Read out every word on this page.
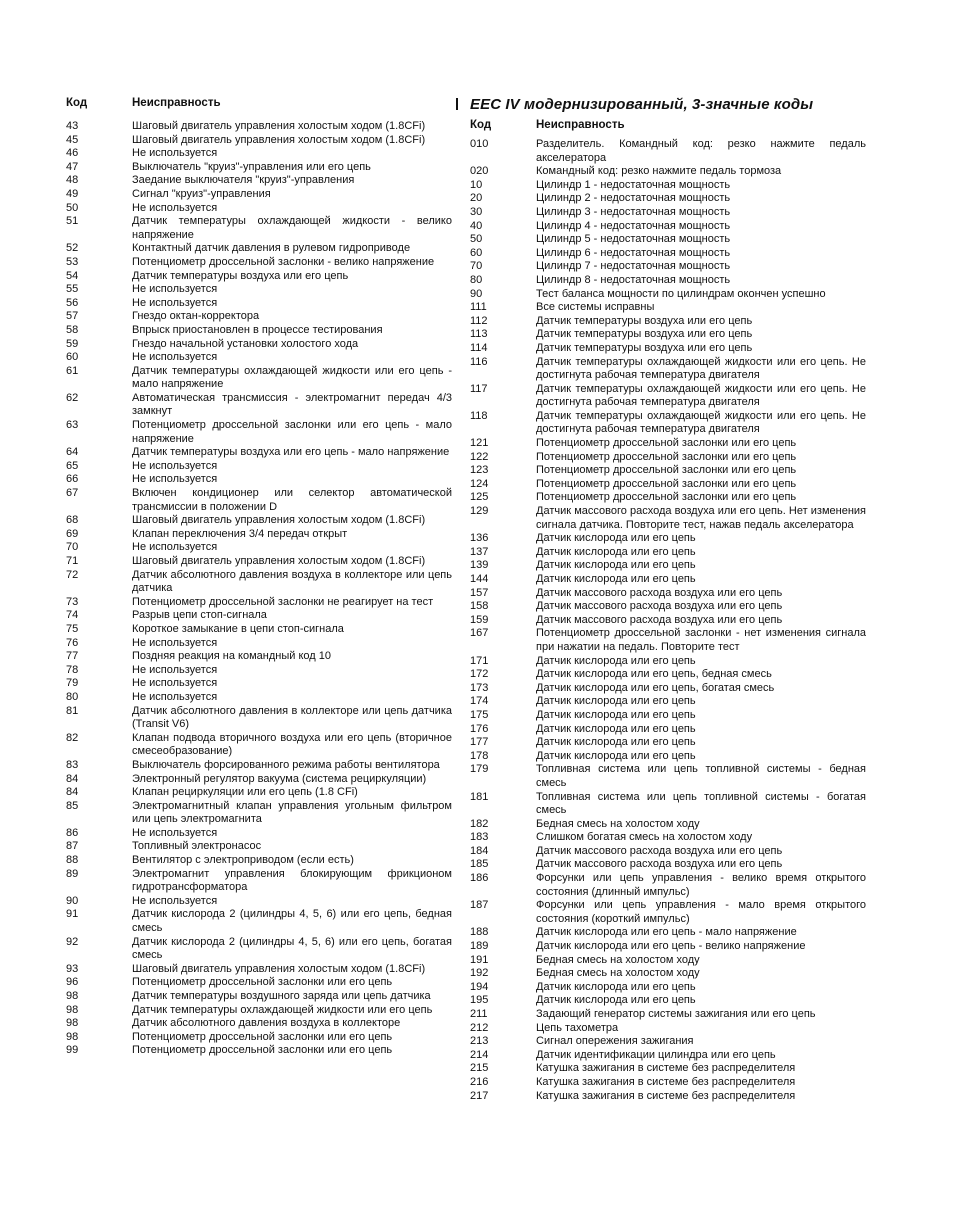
Код	Неисправность
43	Шаговый двигатель управления холостым ходом (1.8CFi)
45	Шаговый двигатель управления холостым ходом (1.8CFi)
46	Не используется
47	Выключатель "круиз"-управления или его цепь
48	Заедание выключателя "круиз"-управления
49	Сигнал "круиз"-управления
50	Не используется
51	Датчик температуры охлаждающей жидкости - велико напряжение
52	Контактный датчик давления в рулевом гидроприводе
53	Потенциометр дроссельной заслонки - велико напряжение
54	Датчик температуры воздуха или его цепь
55	Не используется
56	Не используется
57	Гнездо октан-корректора
58	Впрыск приостановлен в процессе тестирования
59	Гнездо начальной установки холостого хода
60	Не используется
61	Датчик температуры охлаждающей жидкости или его цепь - мало напряжение
62	Автоматическая трансмиссия - электромагнит передач 4/3 замкнут
63	Потенциометр дроссельной заслонки или его цепь - мало напряжение
64	Датчик температуры воздуха или его цепь - мало напряжение
65	Не используется
66	Не используется
67	Включен кондиционер или селектор автоматической трансмиссии в положении D
68	Шаговый двигатель управления холостым ходом (1.8CFi)
69	Клапан переключения 3/4 передач открыт
70	Не используется
71	Шаговый двигатель управления холостым ходом (1.8CFi)
72	Датчик абсолютного давления воздуха в коллекторе или цепь датчика
73	Потенциометр дроссельной заслонки не реагирует на тест
74	Разрыв цепи стоп-сигнала
75	Короткое замыкание в цепи стоп-сигнала
76	Не используется
77	Поздняя реакция на командный код 10
78	Не используется
79	Не используется
80	Не используется
81	Датчик абсолютного давления в коллекторе или цепь датчика (Transit V6)
82	Клапан подвода вторичного воздуха или его цепь (вторичное смесеобразование)
83	Выключатель форсированного режима работы вентилятора
84	Электронный регулятор вакуума (система рециркуляции)
84	Клапан рециркуляции или его цепь (1.8 CFi)
85	Электромагнитный клапан управления угольным фильтром или цепь электромагнита
86	Не используется
87	Топливный электронасос
88	Вентилятор с электроприводом (если есть)
89	Электромагнит управления блокирующим фрикционом гидротрансформатора
90	Не используется
91	Датчик кислорода 2 (цилиндры 4, 5, 6) или его цепь, бедная смесь
92	Датчик кислорода 2 (цилиндры 4, 5, 6) или его цепь, богатая смесь
93	Шаговый двигатель управления холостым ходом (1.8CFi)
96	Потенциометр дроссельной заслонки или его цепь
98	Датчик температуры воздушного заряда или цепь датчика
98	Датчик температуры охлаждающей жидкости или его цепь
98	Датчик абсолютного давления воздуха в коллекторе
98	Потенциометр дроссельной заслонки или его цепь
99	Потенциометр дроссельной заслонки или его цепь
EEC IV модернизированный, 3-значные коды
Код	Неисправность
010	Разделитель. Командный код: резко нажмите педаль акселератора
020	Командный код: резко нажмите педаль тормоза
10	Цилиндр 1 - недостаточная мощность
20	Цилиндр 2 - недостаточная мощность
30	Цилиндр 3 - недостаточная мощность
40	Цилиндр 4 - недостаточная мощность
50	Цилиндр 5 - недостаточная мощность
60	Цилиндр 6 - недостаточная мощность
70	Цилиндр 7 - недостаточная мощность
80	Цилиндр 8 - недостаточная мощность
90	Тест баланса мощности по цилиндрам окончен успешно
111	Все системы исправны
112	Датчик температуры воздуха или его цепь
113	Датчик температуры воздуха или его цепь
114	Датчик температуры воздуха или его цепь
116	Датчик температуры охлаждающей жидкости или его цепь. Не достигнута рабочая температура двигателя
117	Датчик температуры охлаждающей жидкости или его цепь. Не достигнута рабочая температура двигателя
118	Датчик температуры охлаждающей жидкости или его цепь. Не достигнута рабочая температура двигателя
121	Потенциометр дроссельной заслонки или его цепь
122	Потенциометр дроссельной заслонки или его цепь
123	Потенциометр дроссельной заслонки или его цепь
124	Потенциометр дроссельной заслонки или его цепь
125	Потенциометр дроссельной заслонки или его цепь
129	Датчик массового расхода воздуха или его цепь. Нет изменения сигнала датчика. Повторите тест, нажав педаль акселератора
136	Датчик кислорода или его цепь
137	Датчик кислорода или его цепь
139	Датчик кислорода или его цепь
144	Датчик кислорода или его цепь
157	Датчик массового расхода воздуха или его цепь
158	Датчик массового расхода воздуха или его цепь
159	Датчик массового расхода воздуха или его цепь
167	Потенциометр дроссельной заслонки - нет изменения сигнала при нажатии на педаль. Повторите тест
171	Датчик кислорода или его цепь
172	Датчик кислорода или его цепь, бедная смесь
173	Датчик кислорода или его цепь, богатая смесь
174	Датчик кислорода или его цепь
175	Датчик кислорода или его цепь
176	Датчик кислорода или его цепь
177	Датчик кислорода или его цепь
178	Датчик кислорода или его цепь
179	Топливная система или цепь топливной системы - бедная смесь
181	Топливная система или цепь топливной системы - богатая смесь
182	Бедная смесь на холостом ходу
183	Слишком богатая смесь на холостом ходу
184	Датчик массового расхода воздуха или его цепь
185	Датчик массового расхода воздуха или его цепь
186	Форсунки или цепь управления - велико время открытого состояния (длинный импульс)
187	Форсунки или цепь управления - мало время открытого состояния (короткий импульс)
188	Датчик кислорода или его цепь - мало напряжение
189	Датчик кислорода или его цепь - велико напряжение
191	Бедная смесь на холостом ходу
192	Бедная смесь на холостом ходу
194	Датчик кислорода или его цепь
195	Датчик кислорода или его цепь
211	Задающий генератор системы зажигания или его цепь
212	Цепь тахометра
213	Сигнал опережения зажигания
214	Датчик идентификации цилиндра или его цепь
215	Катушка зажигания в системе без распределителя
216	Катушка зажигания в системе без распределителя
217	Катушка зажигания в системе без распределителя
